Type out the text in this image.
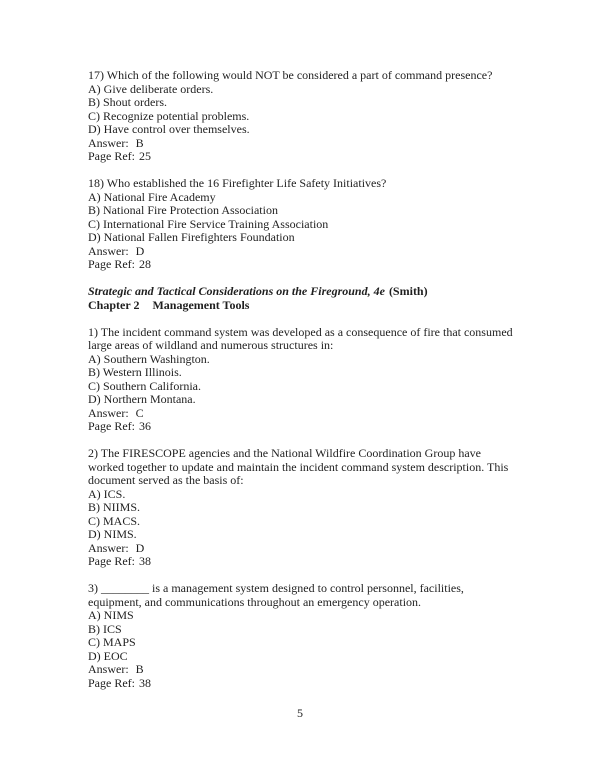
17) Which of the following would NOT be considered a part of command presence?
A) Give deliberate orders.
B) Shout orders.
C) Recognize potential problems.
D) Have control over themselves.
Answer: B
Page Ref: 25
18) Who established the 16 Firefighter Life Safety Initiatives?
A) National Fire Academy
B) National Fire Protection Association
C) International Fire Service Training Association
D) National Fallen Firefighters Foundation
Answer: D
Page Ref: 28
Strategic and Tactical Considerations on the Fireground, 4e (Smith)
Chapter 2 Management Tools
1) The incident command system was developed as a consequence of fire that consumed
large areas of wildland and numerous structures in:
A) Southern Washington.
B) Western Illinois.
C) Southern California.
D) Northern Montana.
Answer: C
Page Ref: 36
2) The FIRESCOPE agencies and the National Wildfire Coordination Group have
worked together to update and maintain the incident command system description. This
document served as the basis of:
A) ICS.
B) NIIMS.
C) MACS.
D) NIMS.
Answer: D
Page Ref: 38
3) ________ is a management system designed to control personnel, facilities,
equipment, and communications throughout an emergency operation.
A) NIMS
B) ICS
C) MAPS
D) EOC
Answer: B
Page Ref: 38
5
